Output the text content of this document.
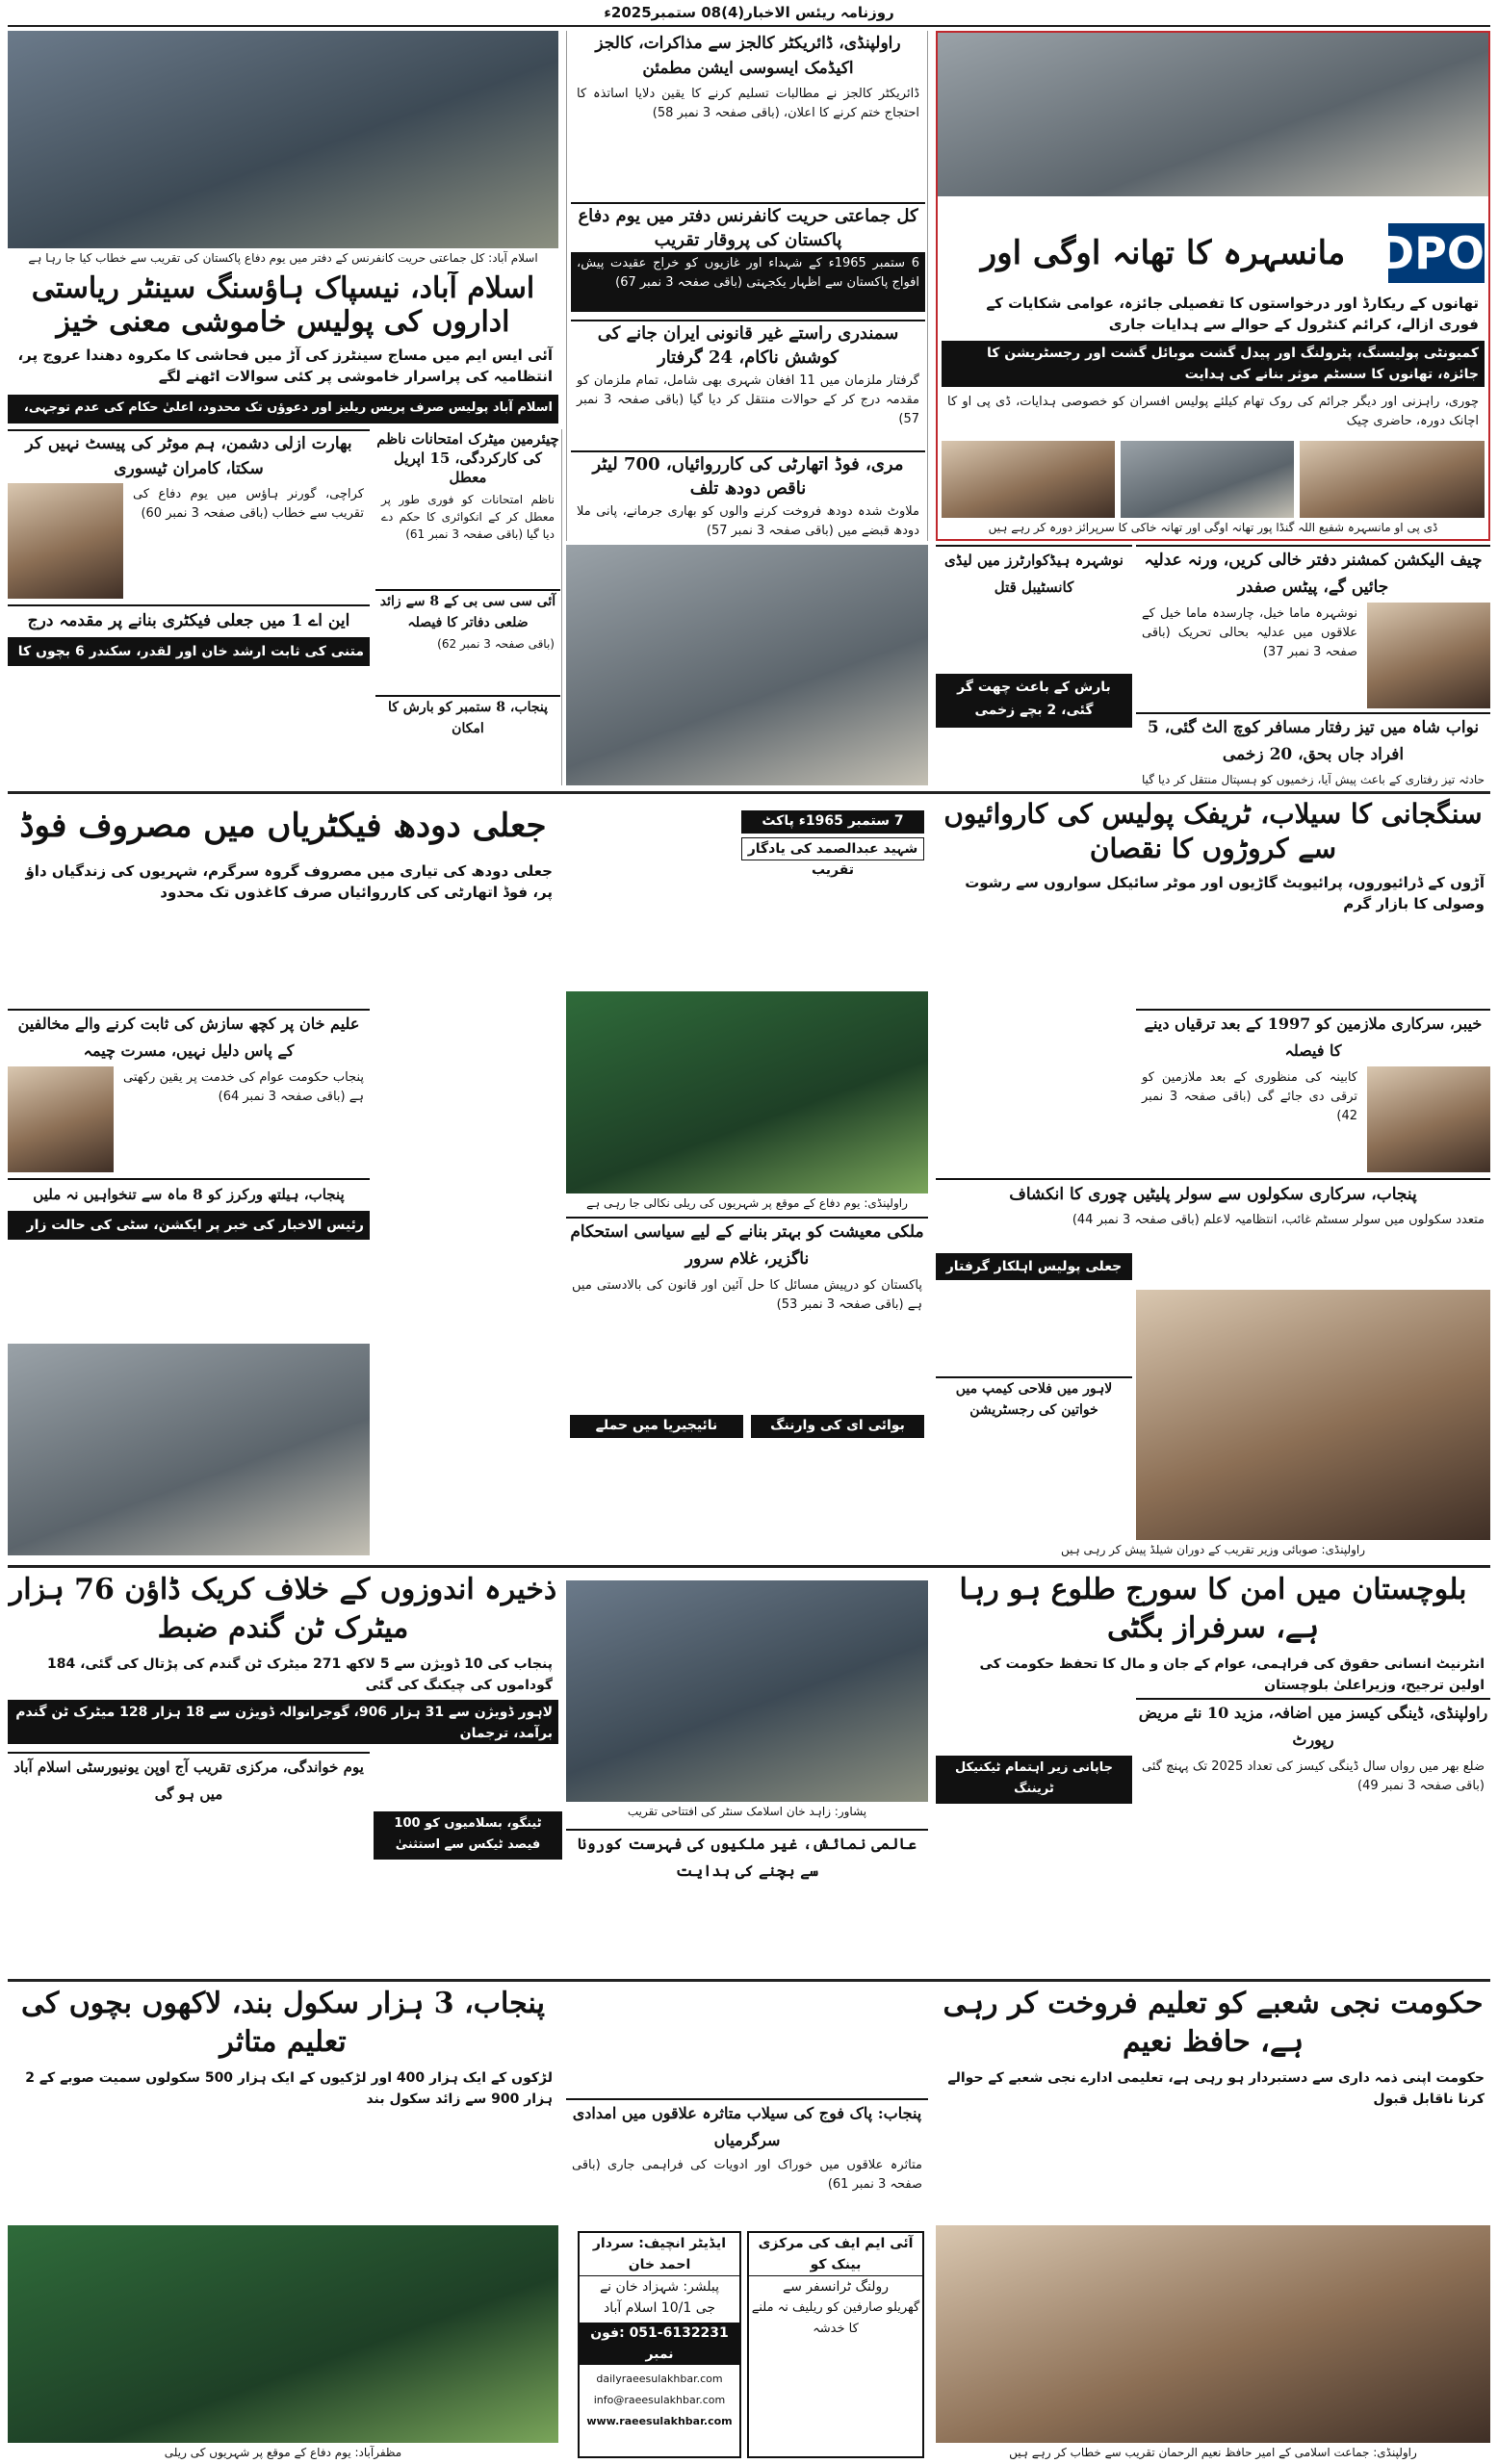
روزنامہ ریئس الاخبار(4)08 ستمبر2025ء
DPO
مانسہرہ کا تھانہ اوگی اور
تھانوں کے ریکارڈ اور درخواستوں کا تفصیلی جائزہ، عوامی شکایات کے فوری ازالے، کرائم کنٹرول کے حوالے سے ہدایات جاری
کمیونٹی پولیسنگ، پٹرولنگ اور پیدل گشت موبائل گشت اور رجسٹریشن کا جائزہ، تھانوں کا سسٹم موثر بنانے کی ہدایت
چوری، راہزنی اور دیگر جرائم کی روک تھام کیلئے پولیس افسران کو خصوصی ہدایات، ڈی پی او کا اچانک دورہ، حاضری چیک
ڈی پی او مانسہرہ شفیع اللہ گنڈا پور تھانہ اوگی اور تھانہ خاکی کا سرپرائز دورہ کر رہے ہیں
راولپنڈی، ڈائریکٹر کالجز سے مذاکرات، کالجز اکیڈمک ایسوسی ایشن مطمئن
ڈائریکٹر کالجز نے مطالبات تسلیم کرنے کا یقین دلایا اساتذہ کا احتجاج ختم کرنے کا اعلان، (باقی صفحہ 3 نمبر 58)
کل جماعتی حریت کانفرنس دفتر میں یوم دفاع پاکستان کی پروقار تقریب
6 ستمبر 1965ء کے شہداء اور غازیوں کو خراج عقیدت پیش، افواج پاکستان سے اظہار یکجہتی (باقی صفحہ 3 نمبر 67)
سمندری راستے غیر قانونی ایران جانے کی کوشش ناکام، 24 گرفتار
گرفتار ملزمان میں 11 افغان شہری بھی شامل، تمام ملزمان کو مقدمہ درج کر کے حوالات منتقل کر دیا گیا (باقی صفحہ 3 نمبر 57)
مری، فوڈ اتھارٹی کی کارروائیاں، 700 لیٹر ناقص دودھ تلف
ملاوٹ شدہ دودھ فروخت کرنے والوں کو بھاری جرمانے، پانی ملا دودھ قبضے میں (باقی صفحہ 3 نمبر 57)
اسلام آباد: کل جماعتی حریت کانفرنس کے دفتر میں یوم دفاع پاکستان کی تقریب سے خطاب کیا جا رہا ہے
اسلام آباد، نیسپاک ہاؤسنگ سینٹر ریاستی اداروں کی پولیس خاموشی معنی خیز
آئی ایس ایم میں مساج سینٹرز کی آڑ میں فحاشی کا مکروہ دھندا عروج پر، انتظامیہ کی پراسرار خاموشی پر کئی سوالات اٹھنے لگے
اسلام آباد پولیس صرف پریس ریلیز اور دعوؤں تک محدود، اعلیٰ حکام کی عدم توجہی،
بھارت ازلی دشمن، ہم موٹر کی پیسٹ نہیں کر سکتا، کامران ٹیسوری
کراچی، گورنر ہاؤس میں یوم دفاع کی تقریب سے خطاب (باقی صفحہ 3 نمبر 60)
این اے 1 میں جعلی فیکٹری بنانے پر مقدمہ درج
متنی کی ثابت ارشد خان اور لقدر، سکندر 6 بچوں کا
چیئرمین میٹرک امتحانات ناظم کی کارکردگی، 15 اپریل معطل
ناظم امتحانات کو فوری طور پر معطل کر کے انکوائری کا حکم دے دیا گیا (باقی صفحہ 3 نمبر 61)
آئی سی سی بی کے 8 سے زائد ضلعی دفاتر کا فیصلہ
(باقی صفحہ 3 نمبر 62)
پنجاب، 8 ستمبر کو بارش کا امکان
چیف الیکشن کمشنر دفتر خالی کریں، ورنہ عدلیہ جائیں گے، پیٹس صفدر
نوشہرہ ماما خیل، چارسدہ ماما خیل کے علاقوں میں عدلیہ بحالی تحریک (باقی صفحہ 3 نمبر 37)
نوشہرہ ہیڈکوارٹرز میں لیڈی کانسٹیبل قتل
نواب شاہ میں تیز رفتار مسافر کوچ الٹ گئی، 5 افراد جاں بحق، 20 زخمی
حادثہ تیز رفتاری کے باعث پیش آیا، زخمیوں کو ہسپتال منتقل کر دیا گیا
بارش کے باعث چھت گر گئی، 2 بچے زخمی
جعلی دودھ فیکٹریاں میں مصروف فوڈ
جعلی دودھ کی تیاری میں مصروف گروہ سرگرم، شہریوں کی زندگیاں داؤ پر، فوڈ اتھارٹی کی کارروائیاں صرف کاغذوں تک محدود
7 ستمبر 1965ء پاکٹ
شہید عبدالصمد کی یادگار تقریب
سنگجانی کا سیلاب، ٹریفک پولیس کی کاروائیوں سے کروڑوں کا نقصان
آڑوں کے ڈرائیوروں، پرائیویٹ گاڑیوں اور موٹر سائیکل سواروں سے رشوت وصولی کا بازار گرم
راولپنڈی: یوم دفاع کے موقع پر شہریوں کی ریلی نکالی جا رہی ہے
علیم خان پر کچھ سازش کی ثابت کرنے والے مخالفین کے پاس دلیل نہیں، مسرت چیمہ
پنجاب حکومت عوام کی خدمت پر یقین رکھتی ہے (باقی صفحہ 3 نمبر 64)
پنجاب، ہیلتھ ورکرز کو 8 ماہ سے تنخواہیں نہ ملیں
رئیس الاخبار کی خبر پر ایکشن، سٹی کی حالت زار	ملکی معیشت کو بہتر بنانے کے لیے سیاسی استحکام ناگزیر، غلام سرور
بوائی ای کی وارننگ
نائیجیریا میں حملے
پاکستان کو درپیش مسائل کا حل آئین اور قانون کی بالادستی میں ہے (باقی صفحہ 3 نمبر 53)
خیبر، سرکاری ملازمین کو 1997 کے بعد ترقیاں دینے کا فیصلہ
کابینہ کی منظوری کے بعد ملازمین کو ترقی دی جائے گی (باقی صفحہ 3 نمبر 42)
پنجاب، سرکاری سکولوں سے سولر پلیٹیں چوری کا انکشاف
متعدد سکولوں میں سولر سسٹم غائب، انتظامیہ لاعلم (باقی صفحہ 3 نمبر 44)
جعلی پولیس اہلکار گرفتار
لاہور میں فلاحی کیمپ میں خواتین کی رجسٹریشن
راولپنڈی: صوبائی وزیر تقریب کے دوران شیلڈ پیش کر رہی ہیں
ذخیرہ اندوزوں کے خلاف کریک ڈاؤن 76 ہزار میٹرک ٹن گندم ضبط
پنجاب کی 10 ڈویژن سے 5 لاکھ 271 میٹرک ٹن گندم کی پڑتال کی گئی، 184 گوداموں کی چیکنگ کی گئی
لاہور ڈویژن سے 31 ہزار 906، گوجرانوالہ ڈویژن سے 18 ہزار 128 میٹرک ٹن گندم برآمد، ترجمان
پشاور: زاہد خان اسلامک سنٹر کی افتتاحی تقریب
بلوچستان میں امن کا سورج طلوع ہو رہا ہے، سرفراز بگٹی
انٹرنیٹ انسانی حقوق کی فراہمی، عوام کے جان و مال کا تحفظ حکومت کی اولین ترجیح، وزیراعلیٰ بلوچستان
یوم خواندگی، مرکزی تقریب آج اوپن یونیورسٹی اسلام آباد میں ہو گی
ٹینگو، بسلامیوں کو 100 فیصد ٹیکس سے استثنیٰ	عالمی نمائش، غیر ملکیوں کی فہرست کورونا سے بچنے کی ہدایت
راولپنڈی، ڈینگی کیسز میں اضافہ، مزید 10 نئے مریض رپورٹ
ضلع بھر میں رواں سال ڈینگی کیسز کی تعداد 2025 تک پہنچ گئی (باقی صفحہ 3 نمبر 49)
جاپانی زیر اہتمام ٹیکنیکل ٹریننگ
پنجاب، 3 ہزار سکول بند، لاکھوں بچوں کی تعلیم متاثر
لڑکوں کے ایک ہزار 400 اور لڑکیوں کے ایک ہزار 500 سکولوں سمیت صوبے کے 2 ہزار 900 سے زائد سکول بند
مظفرآباد: یوم دفاع کے موقع پر شہریوں کی ریلی
پنجاب: پاک فوج کی سیلاب متاثرہ علاقوں میں امدادی سرگرمیاں
متاثرہ علاقوں میں خوراک اور ادویات کی فراہمی جاری (باقی صفحہ 3 نمبر 61)
حکومت نجی شعبے کو تعلیم فروخت کر رہی ہے، حافظ نعیم
حکومت اپنی ذمہ داری سے دستبردار ہو رہی ہے، تعلیمی ادارے نجی شعبے کے حوالے کرنا ناقابل قبول
راولپنڈی: جماعت اسلامی کے امیر حافظ نعیم الرحمان تقریب سے خطاب کر رہے ہیں
ایڈیٹر انچیف: سردار احمد خان
پبلشر: شہزاد خان نے
جی 10/1 اسلام آباد
051-6132231 :فون نمبر
dailyraeesulakhbar.com
info@raeesulakhbar.com
www.raeesulakhbar.com
آئی ایم ایف کی مرکزی بینک کو
رولنگ ٹرانسفر سے
گھریلو صارفین کو ریلیف نہ ملنے کا خدشہ
